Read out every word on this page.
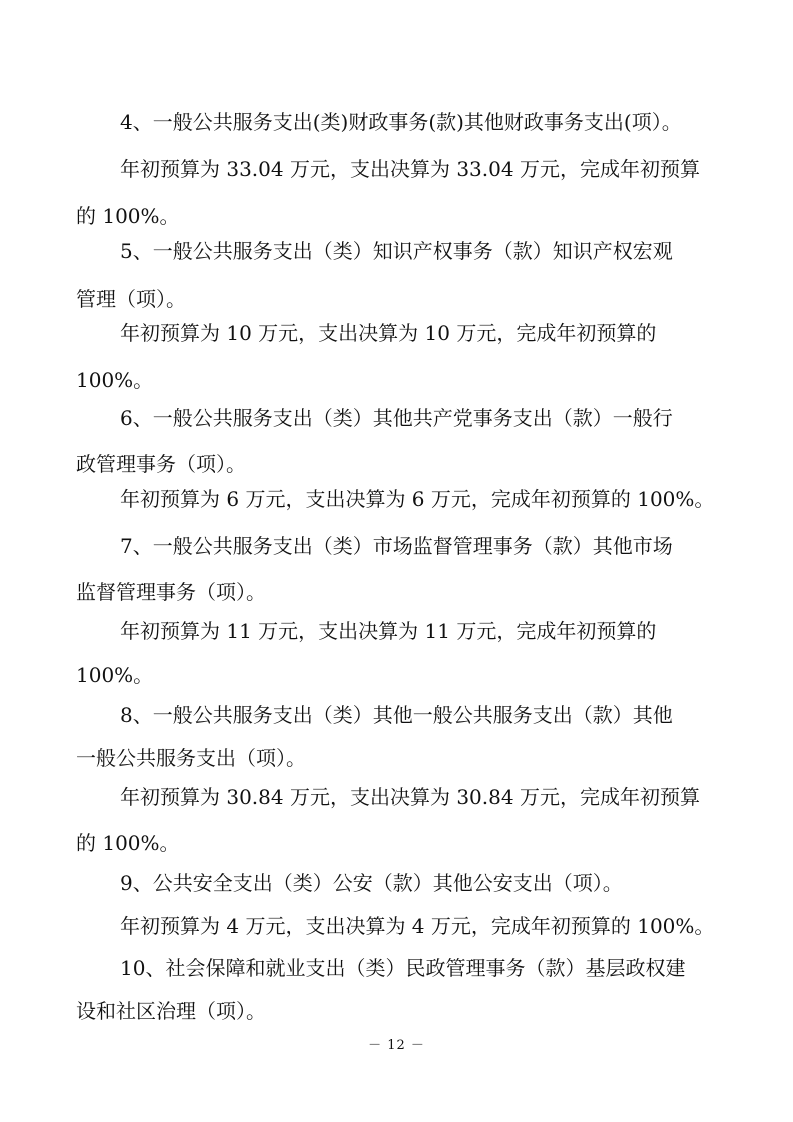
4、一般公共服务支出(类)财政事务(款)其他财政事务支出(项）。
年初预算为 33.04 万元，支出决算为 33.04 万元，完成年初预算
的 100%。
5、一般公共服务支出（类）知识产权事务（款）知识产权宏观
管理（项）。
年初预算为 10 万元，支出决算为 10 万元，完成年初预算的
100%。
6、一般公共服务支出（类）其他共产党事务支出（款）一般行
政管理事务（项）。
年初预算为 6 万元，支出决算为 6 万元，完成年初预算的 100%。
7、一般公共服务支出（类）市场监督管理事务（款）其他市场
监督管理事务（项）。
年初预算为 11 万元，支出决算为 11 万元，完成年初预算的
100%。
8、一般公共服务支出（类）其他一般公共服务支出（款）其他
一般公共服务支出（项）。
年初预算为 30.84 万元，支出决算为 30.84 万元，完成年初预算
的 100%。
9、公共安全支出（类）公安（款）其他公安支出（项）。
年初预算为 4 万元，支出决算为 4 万元，完成年初预算的 100%。
10、社会保障和就业支出（类）民政管理事务（款）基层政权建
设和社区治理（项）。
－ 12 －
